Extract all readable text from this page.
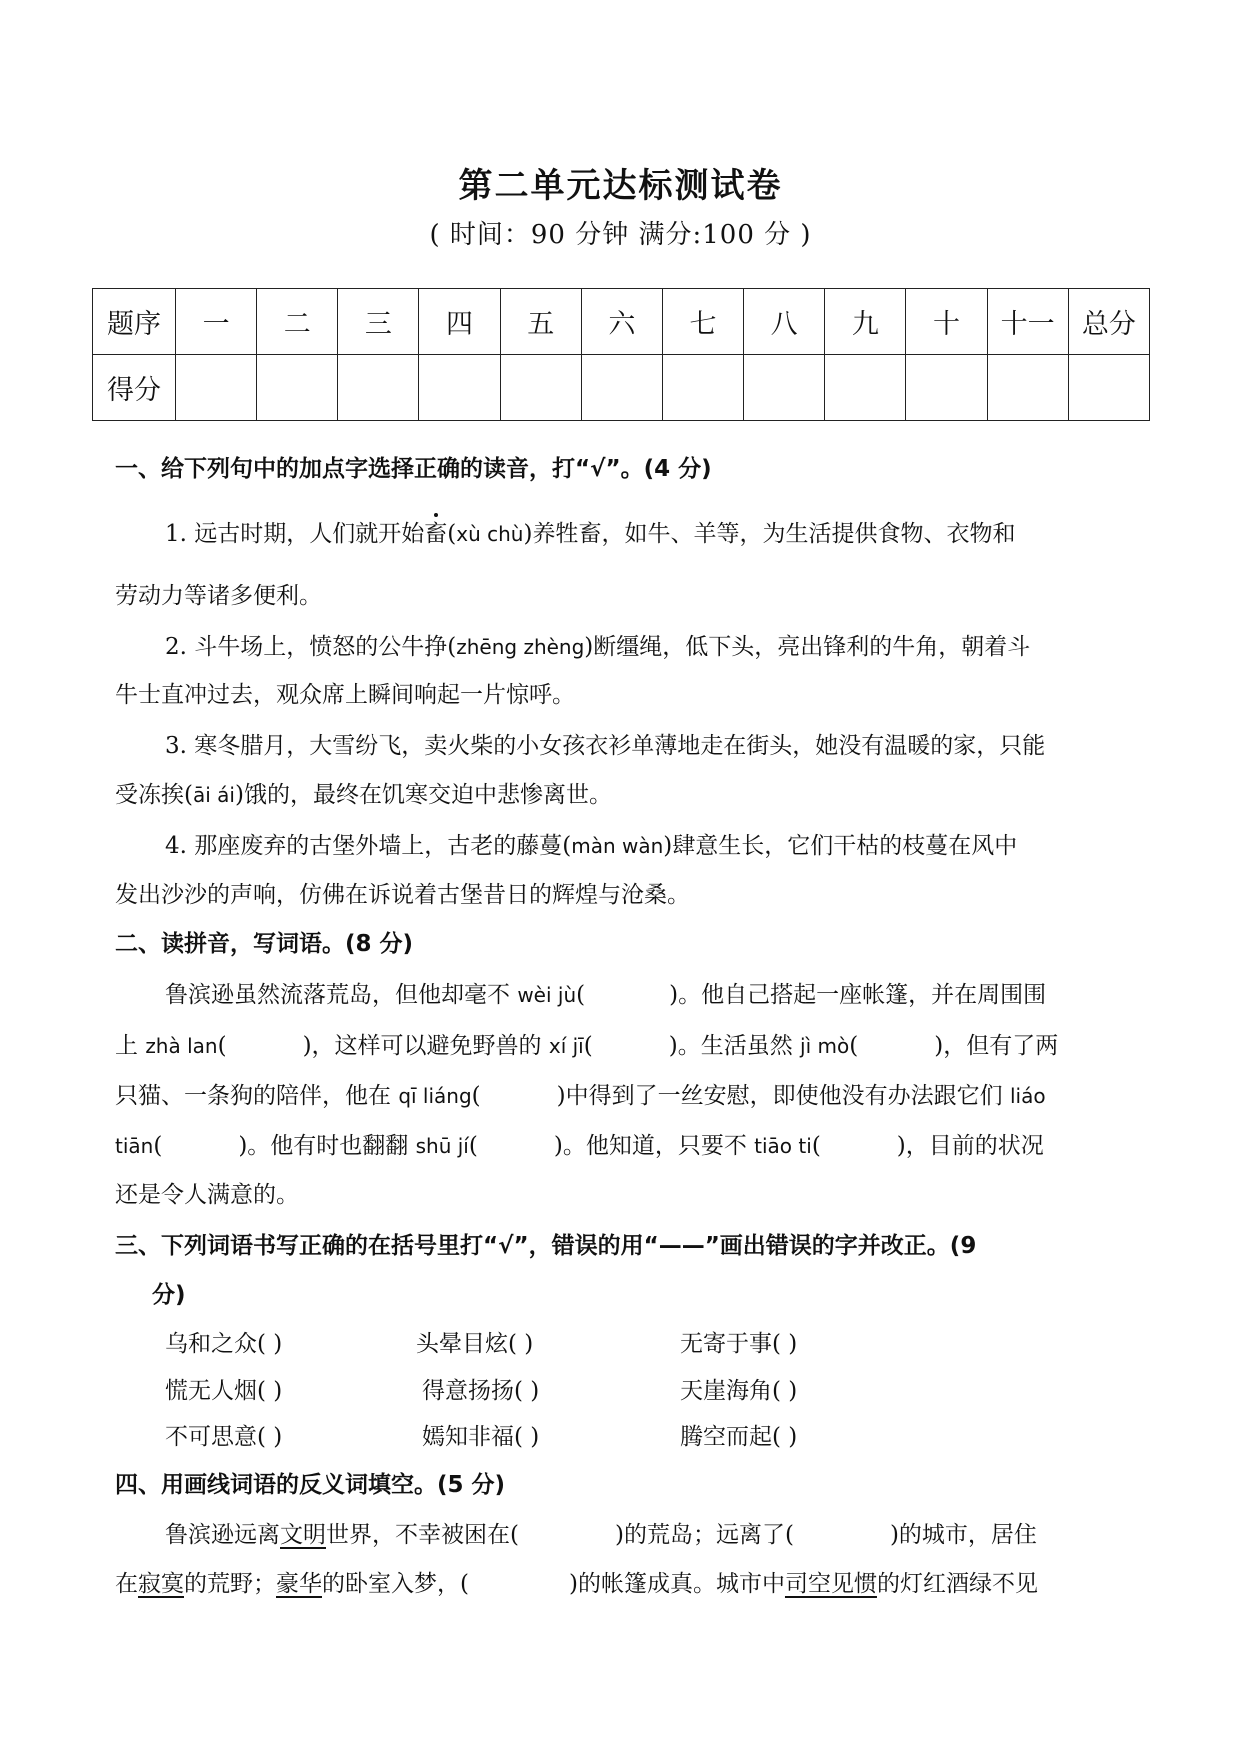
第二单元达标测试卷
( 时间：90 分钟 满分:100 分 )
题序	一	二	三	四	五	六	七	八	九	十	十一	总分
得分												
一、给下列句中的加点字选择正确的读音，打“√”。(4 分)
1. 远古时期，人们就开始畜(xù chù)养牲畜，如牛、羊等，为生活提供食物、衣物和
劳动力等诸多便利。
2. 斗牛场上，愤怒的公牛挣(zhēng zhèng)断缰绳，低下头，亮出锋利的牛角，朝着斗
牛士直冲过去，观众席上瞬间响起一片惊呼。
3. 寒冬腊月，大雪纷飞，卖火柴的小女孩衣衫单薄地走在街头，她没有温暖的家，只能
受冻挨(āi ái)饿的，最终在饥寒交迫中悲惨离世。
4. 那座废弃的古堡外墙上，古老的藤蔓(màn wàn)肆意生长，它们干枯的枝蔓在风中
发出沙沙的声响，仿佛在诉说着古堡昔日的辉煌与沧桑。
二、读拼音，写词语。(8 分)
鲁滨逊虽然流落荒岛，但他却毫不 wèi jù(	)。他自己搭起一座帐篷，并在周围围
上 zhà lan(	)，这样可以避免野兽的 xí jī(	)。生活虽然 jì mò(	)，但有了两
只猫、一条狗的陪伴，他在 qī liáng(	)中得到了一丝安慰，即使他没有办法跟它们 liáo
tiān(	)。他有时也翻翻 shū jí(	)。他知道，只要不 tiāo ti(	)，目前的状况
还是令人满意的。
三、下列词语书写正确的在括号里打“√”，错误的用“——”画出错误的字并改正。(9
分)
乌和之众( )	头晕目炫( )	无寄于事( )
慌无人烟( )	得意扬扬( )	天崖海角( )
不可思意( )	嫣知非福( )	腾空而起( )
四、用画线词语的反义词填空。(5 分)
鲁滨逊远离文明世界，不幸被困在(	)的荒岛；远离了(	)的城市，居住
在寂寞的荒野；豪华的卧室入梦，(	)的帐篷成真。城市中司空见惯的灯红酒绿不见
